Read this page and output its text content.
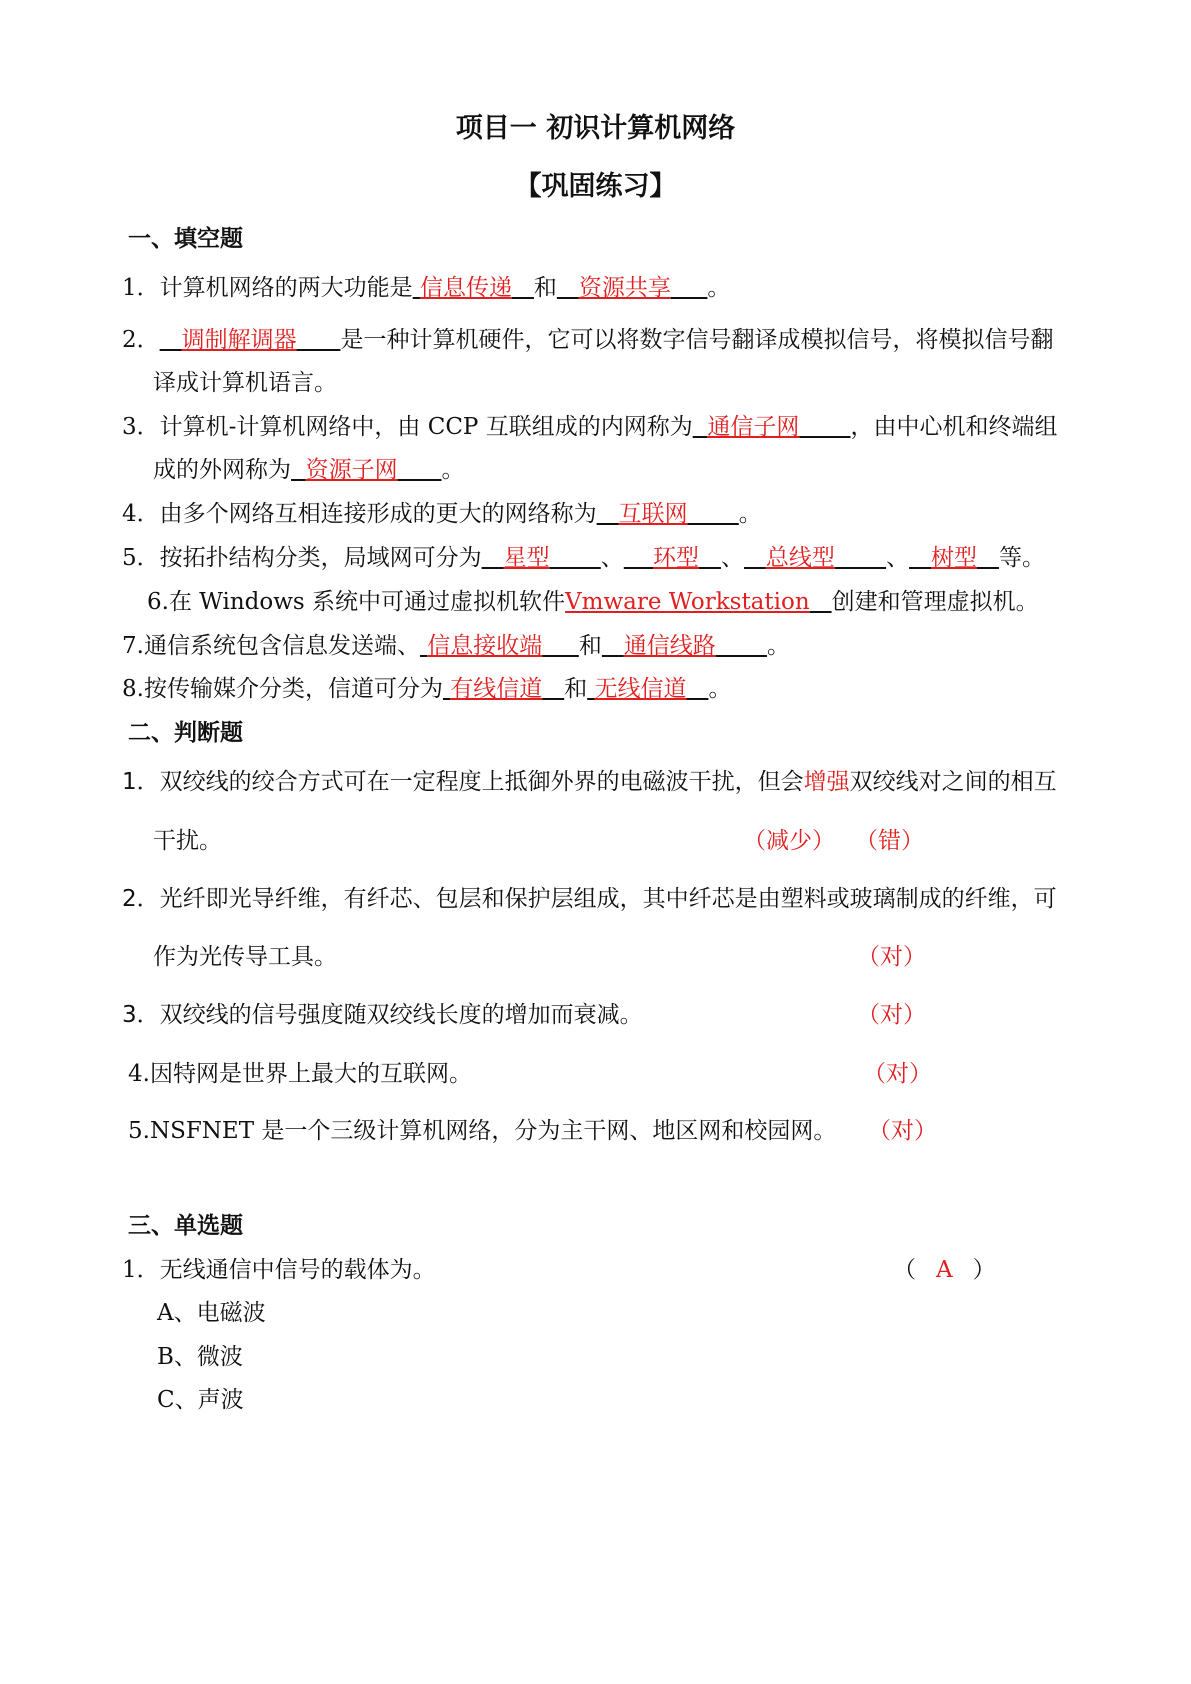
项目一 初识计算机网络
【巩固练习】
一、填空题
1．计算机网络的两大功能是 信息传递 和 资源共享 。
2． 调制解调器 是一种计算机硬件，它可以将数字信号翻译成模拟信号，将模拟信号翻
译成计算机语言。
3．计算机-计算机网络中，由 CCP 互联组成的内网称为 通信子网 ，由中心机和终端组
成的外网称为 资源子网 。
4．由多个网络互相连接形成的更大的网络称为 互联网 。
5．按拓扑结构分类，局域网可分为 星型 、 环型 、 总线型 、 树型 等。
6.在 Windows 系统中可通过虚拟机软件Vmware Workstation 创建和管理虚拟机。
7.通信系统包含信息发送端、 信息接收端 和 通信线路 。
8.按传输媒介分类，信道可分为 有线信道 和 无线信道 。
二、判断题
1．双绞线的绞合方式可在一定程度上抵御外界的电磁波干扰，但会增强双绞线对之间的相互
干扰。	（减少） （错）
2．光纤即光导纤维，有纤芯、包层和保护层组成，其中纤芯是由塑料或玻璃制成的纤维，可
作为光传导工具。	（对）
3．双绞线的信号强度随双绞线长度的增加而衰减。	（对）
4.因特网是世界上最大的互联网。	（对）
5.NSFNET 是一个三级计算机网络，分为主干网、地区网和校园网。 （对）
三、单选题
1．无线通信中信号的载体为。	（ A ）
A、电磁波
B、微波
C、声波
